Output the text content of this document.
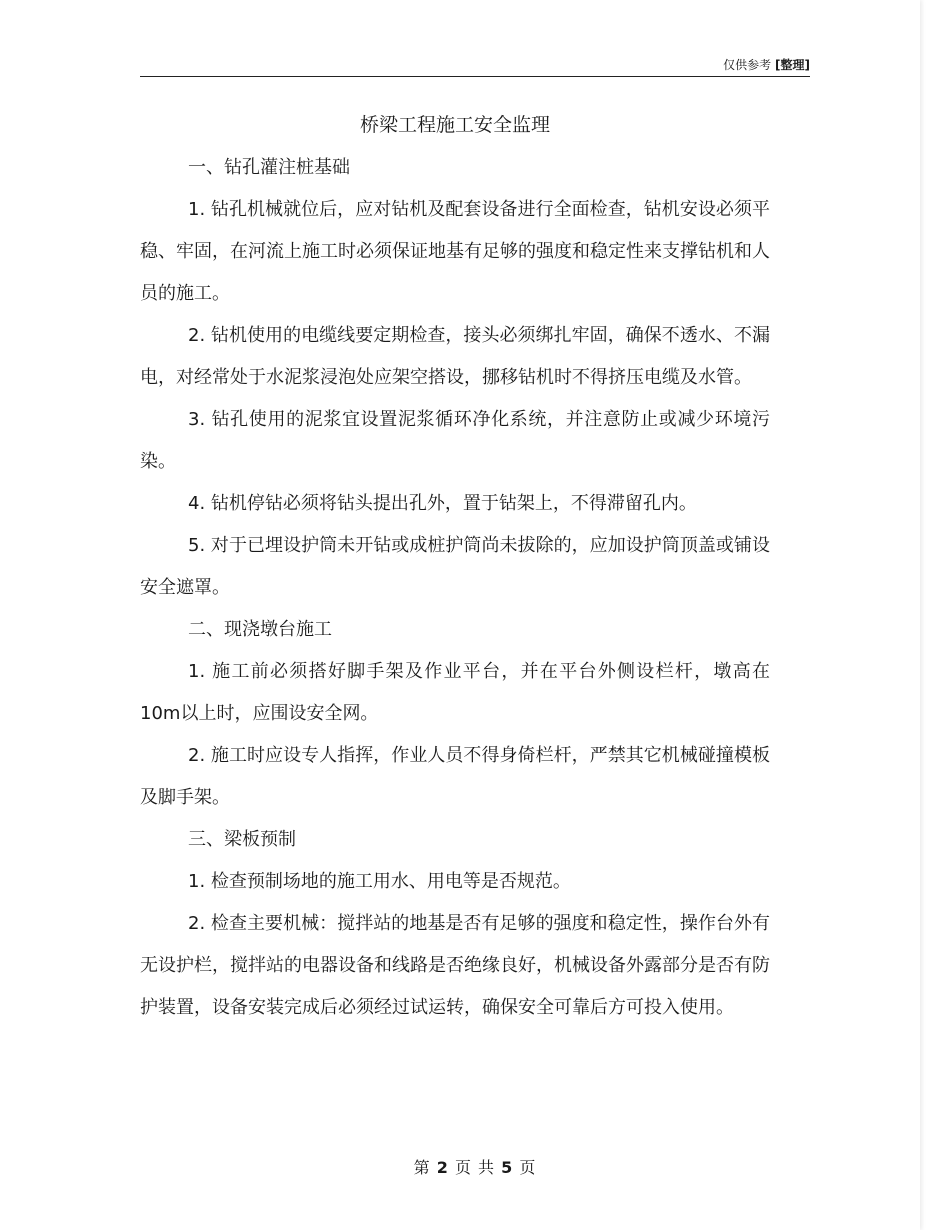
仅供参考 [整理]
桥梁工程施工安全监理

一、钻孔灌注桩基础

1. 钻孔机械就位后，应对钻机及配套设备进行全面检查，钻机安设必须平稳、牢固，在河流上施工时必须保证地基有足够的强度和稳定性来支撑钻机和人员的施工。

2. 钻机使用的电缆线要定期检查，接头必须绑扎牢固，确保不透水、不漏电，对经常处于水泥浆浸泡处应架空搭设，挪移钻机时不得挤压电缆及水管。

3. 钻孔使用的泥浆宜设置泥浆循环净化系统，并注意防止或减少环境污染。

4. 钻机停钻必须将钻头提出孔外，置于钻架上，不得滞留孔内。

5. 对于已埋设护筒未开钻或成桩护筒尚未拔除的，应加设护筒顶盖或铺设安全遮罩。

二、现浇墩台施工

1. 施工前必须搭好脚手架及作业平台，并在平台外侧设栏杆，墩高在 10m以上时，应围设安全网。

2. 施工时应设专人指挥，作业人员不得身倚栏杆，严禁其它机械碰撞模板及脚手架。

三、梁板预制

1. 检查预制场地的施工用水、用电等是否规范。

2. 检查主要机械：搅拌站的地基是否有足够的强度和稳定性，操作台外有无设护栏，搅拌站的电器设备和线路是否绝缘良好，机械设备外露部分是否有防护装置，设备安装完成后必须经过试运转，确保安全可靠后方可投入使用。

第 2 页 共 5 页
